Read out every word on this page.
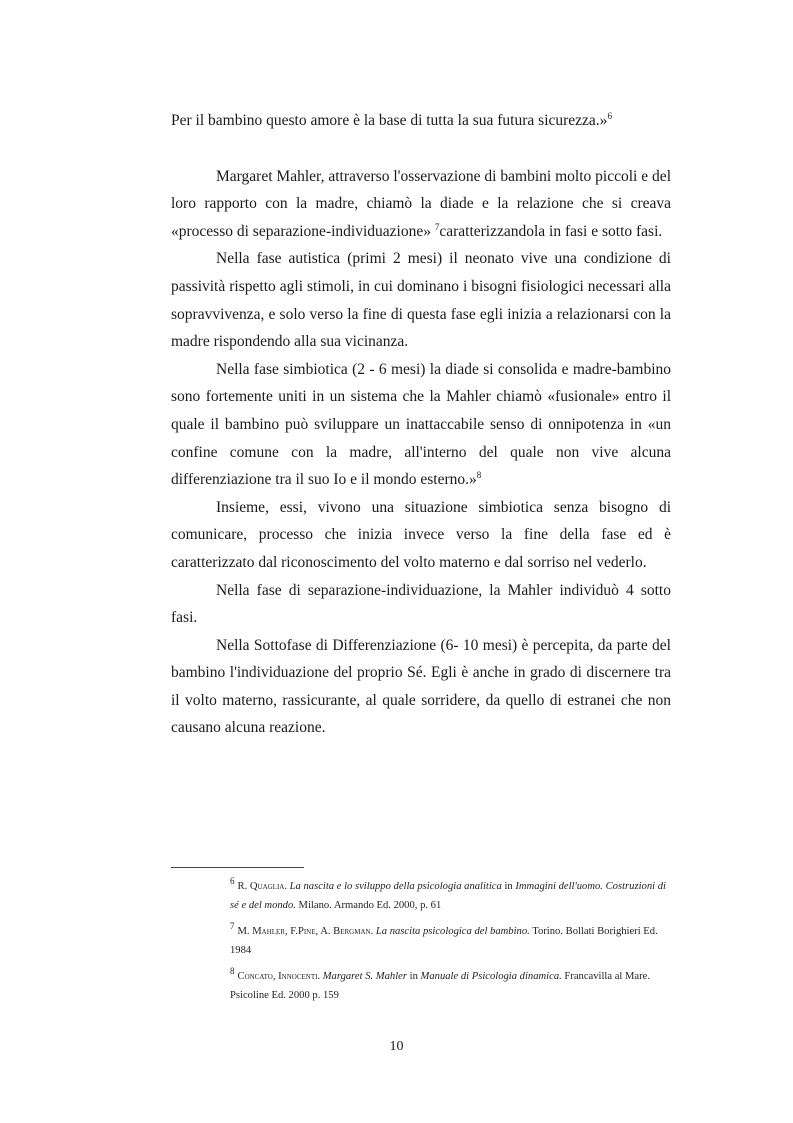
Per il bambino questo amore è la base di tutta la sua futura sicurezza.»$^6$

Margaret Mahler, attraverso l'osservazione di bambini molto piccoli e del loro rapporto con la madre, chiamò la diade e la relazione che si creava «processo di separazione-individuazione» $^7$caratterizzandola in fasi e sotto fasi.

Nella fase autistica (primi 2 mesi) il neonato vive una condizione di passività rispetto agli stimoli, in cui dominano i bisogni fisiologici necessari alla sopravvivenza, e solo verso la fine di questa fase egli inizia a relazionarsi con la madre rispondendo alla sua vicinanza.

Nella fase simbiotica (2 - 6 mesi) la diade si consolida e madre-bambino sono fortemente uniti in un sistema che la Mahler chiamò «fusionale» entro il quale il bambino può sviluppare un inattaccabile senso di onnipotenza in «un confine comune con la madre, all'interno del quale non vive alcuna differenziazione tra il suo Io e il mondo esterno.»$^8$

Insieme, essi, vivono una situazione simbiotica senza bisogno di comunicare, processo che inizia invece verso la fine della fase ed è caratterizzato dal riconoscimento del volto materno e dal sorriso nel vederlo.

Nella fase di separazione-individuazione, la Mahler individuò 4 sotto fasi.

Nella Sottofase di Differenziazione (6- 10 mesi) è percepita, da parte del bambino l'individuazione del proprio Sé. Egli è anche in grado di discernere tra il volto materno, rassicurante, al quale sorridere, da quello di estranei che non causano alcuna reazione.

$^6$ R. Quaglia. La nascita e lo sviluppo della psicologia analitica in Immagini dell'uomo. Costruzioni di sé e del mondo. Milano. Armando Ed. 2000, p. 61

$^7$ M. Mahler, F.Pine, A. Bergman. La nascita psicologica del bambino. Torino. Bollati Borighieri Ed. 1984

$^8$ Concato, Innocenti. Margaret S. Mahler in Manuale di Psicologia dinamica. Francavilla al Mare. Psicoline Ed. 2000 p. 159

10
